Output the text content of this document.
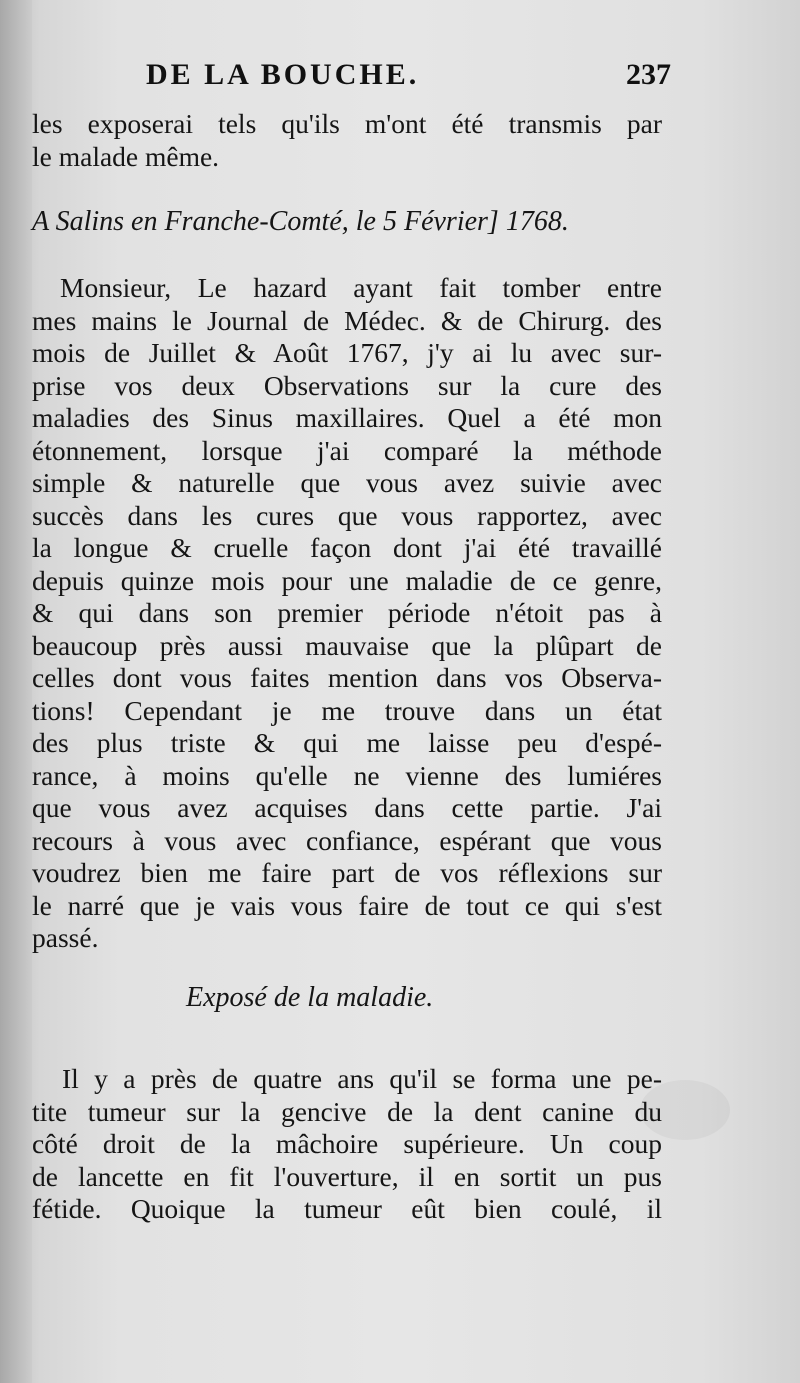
DE LA BOUCHE.	237
les exposerai tels qu'ils m'ont été transmis par
le malade même.
A Salins en Franche-Comté, le 5 Février] 1768.
Monsieur, Le hazard ayant fait tomber entre
mes mains le Journal de Médec. & de Chirurg. des
mois de Juillet & Août 1767, j'y ai lu avec sur-
prise vos deux Observations sur la cure des
maladies des Sinus maxillaires. Quel a été mon
étonnement, lorsque j'ai comparé la méthode
simple & naturelle que vous avez suivie avec
succès dans les cures que vous rapportez, avec
la longue & cruelle façon dont j'ai été travaillé
depuis quinze mois pour une maladie de ce genre,
& qui dans son premier période n'étoit pas à
beaucoup près aussi mauvaise que la plûpart de
celles dont vous faites mention dans vos Observa-
tions! Cependant je me trouve dans un état
des plus triste & qui me laisse peu d'espé-
rance, à moins qu'elle ne vienne des lumiéres
que vous avez acquises dans cette partie. J'ai
recours à vous avec confiance, espérant que vous
voudrez bien me faire part de vos réflexions sur
le narré que je vais vous faire de tout ce qui s'est
passé.
Exposé de la maladie.
Il y a près de quatre ans qu'il se forma une pe-
tite tumeur sur la gencive de la dent canine du
côté droit de la mâchoire supérieure. Un coup
de lancette en fit l'ouverture, il en sortit un pus
fétide. Quoique la tumeur eût bien coulé, il
